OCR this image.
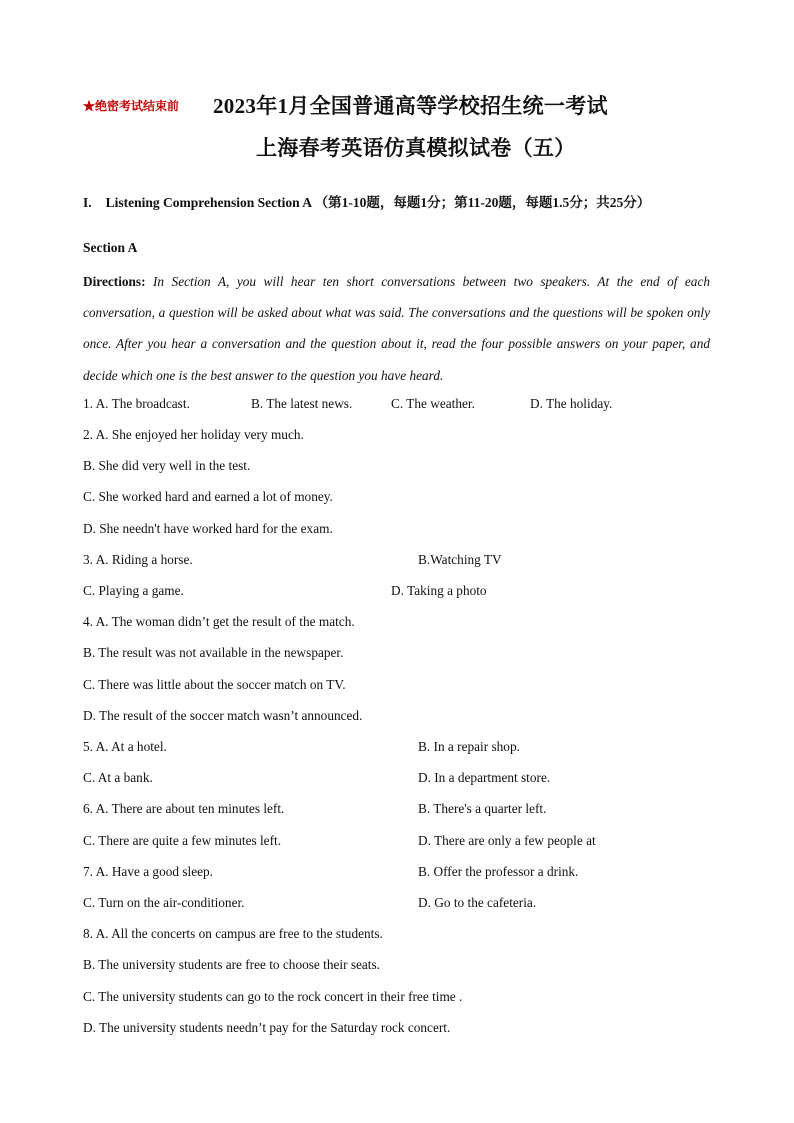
★绝密考试结束前 2023年1月全国普通高等学校招生统一考试
上海春考英语仿真模拟试卷（五）
I. Listening Comprehension Section A （第1-10题，每题1分；第11-20题，每题1.5分；共25分）
Section A
Directions: In Section A, you will hear ten short conversations between two speakers. At the end of each conversation, a question will be asked about what was said. The conversations and the questions will be spoken only once. After you hear a conversation and the question about it, read the four possible answers on your paper, and decide which one is the best answer to the question you have heard.
1. A. The broadcast.	B. The latest news.	C. The weather.	D. The holiday.
2. A. She enjoyed her holiday very much.
B. She did very well in the test.
C. She worked hard and earned a lot of money.
D. She needn't have worked hard for the exam.
3. A. Riding a horse.	B.Watching TV
C. Playing a game.	D. Taking a photo
4. A. The woman didn’t get the result of the match.
B. The result was not available in the newspaper.
C. There was little about the soccer match on TV.
D. The result of the soccer match wasn’t announced.
5. A. At a hotel.	B. In a repair shop.
C. At a bank.	D. In a department store.
6. A. There are about ten minutes left.	B. There's a quarter left.
C. There are quite a few minutes left.	D. There are only a few people at
7. A. Have a good sleep.	B. Offer the professor a drink.
C. Turn on the air-conditioner.	D. Go to the cafeteria.
8. A. All the concerts on campus are free to the students.
B. The university students are free to choose their seats.
C. The university students can go to the rock concert in their free time .
D. The university students needn’t pay for the Saturday rock concert.
